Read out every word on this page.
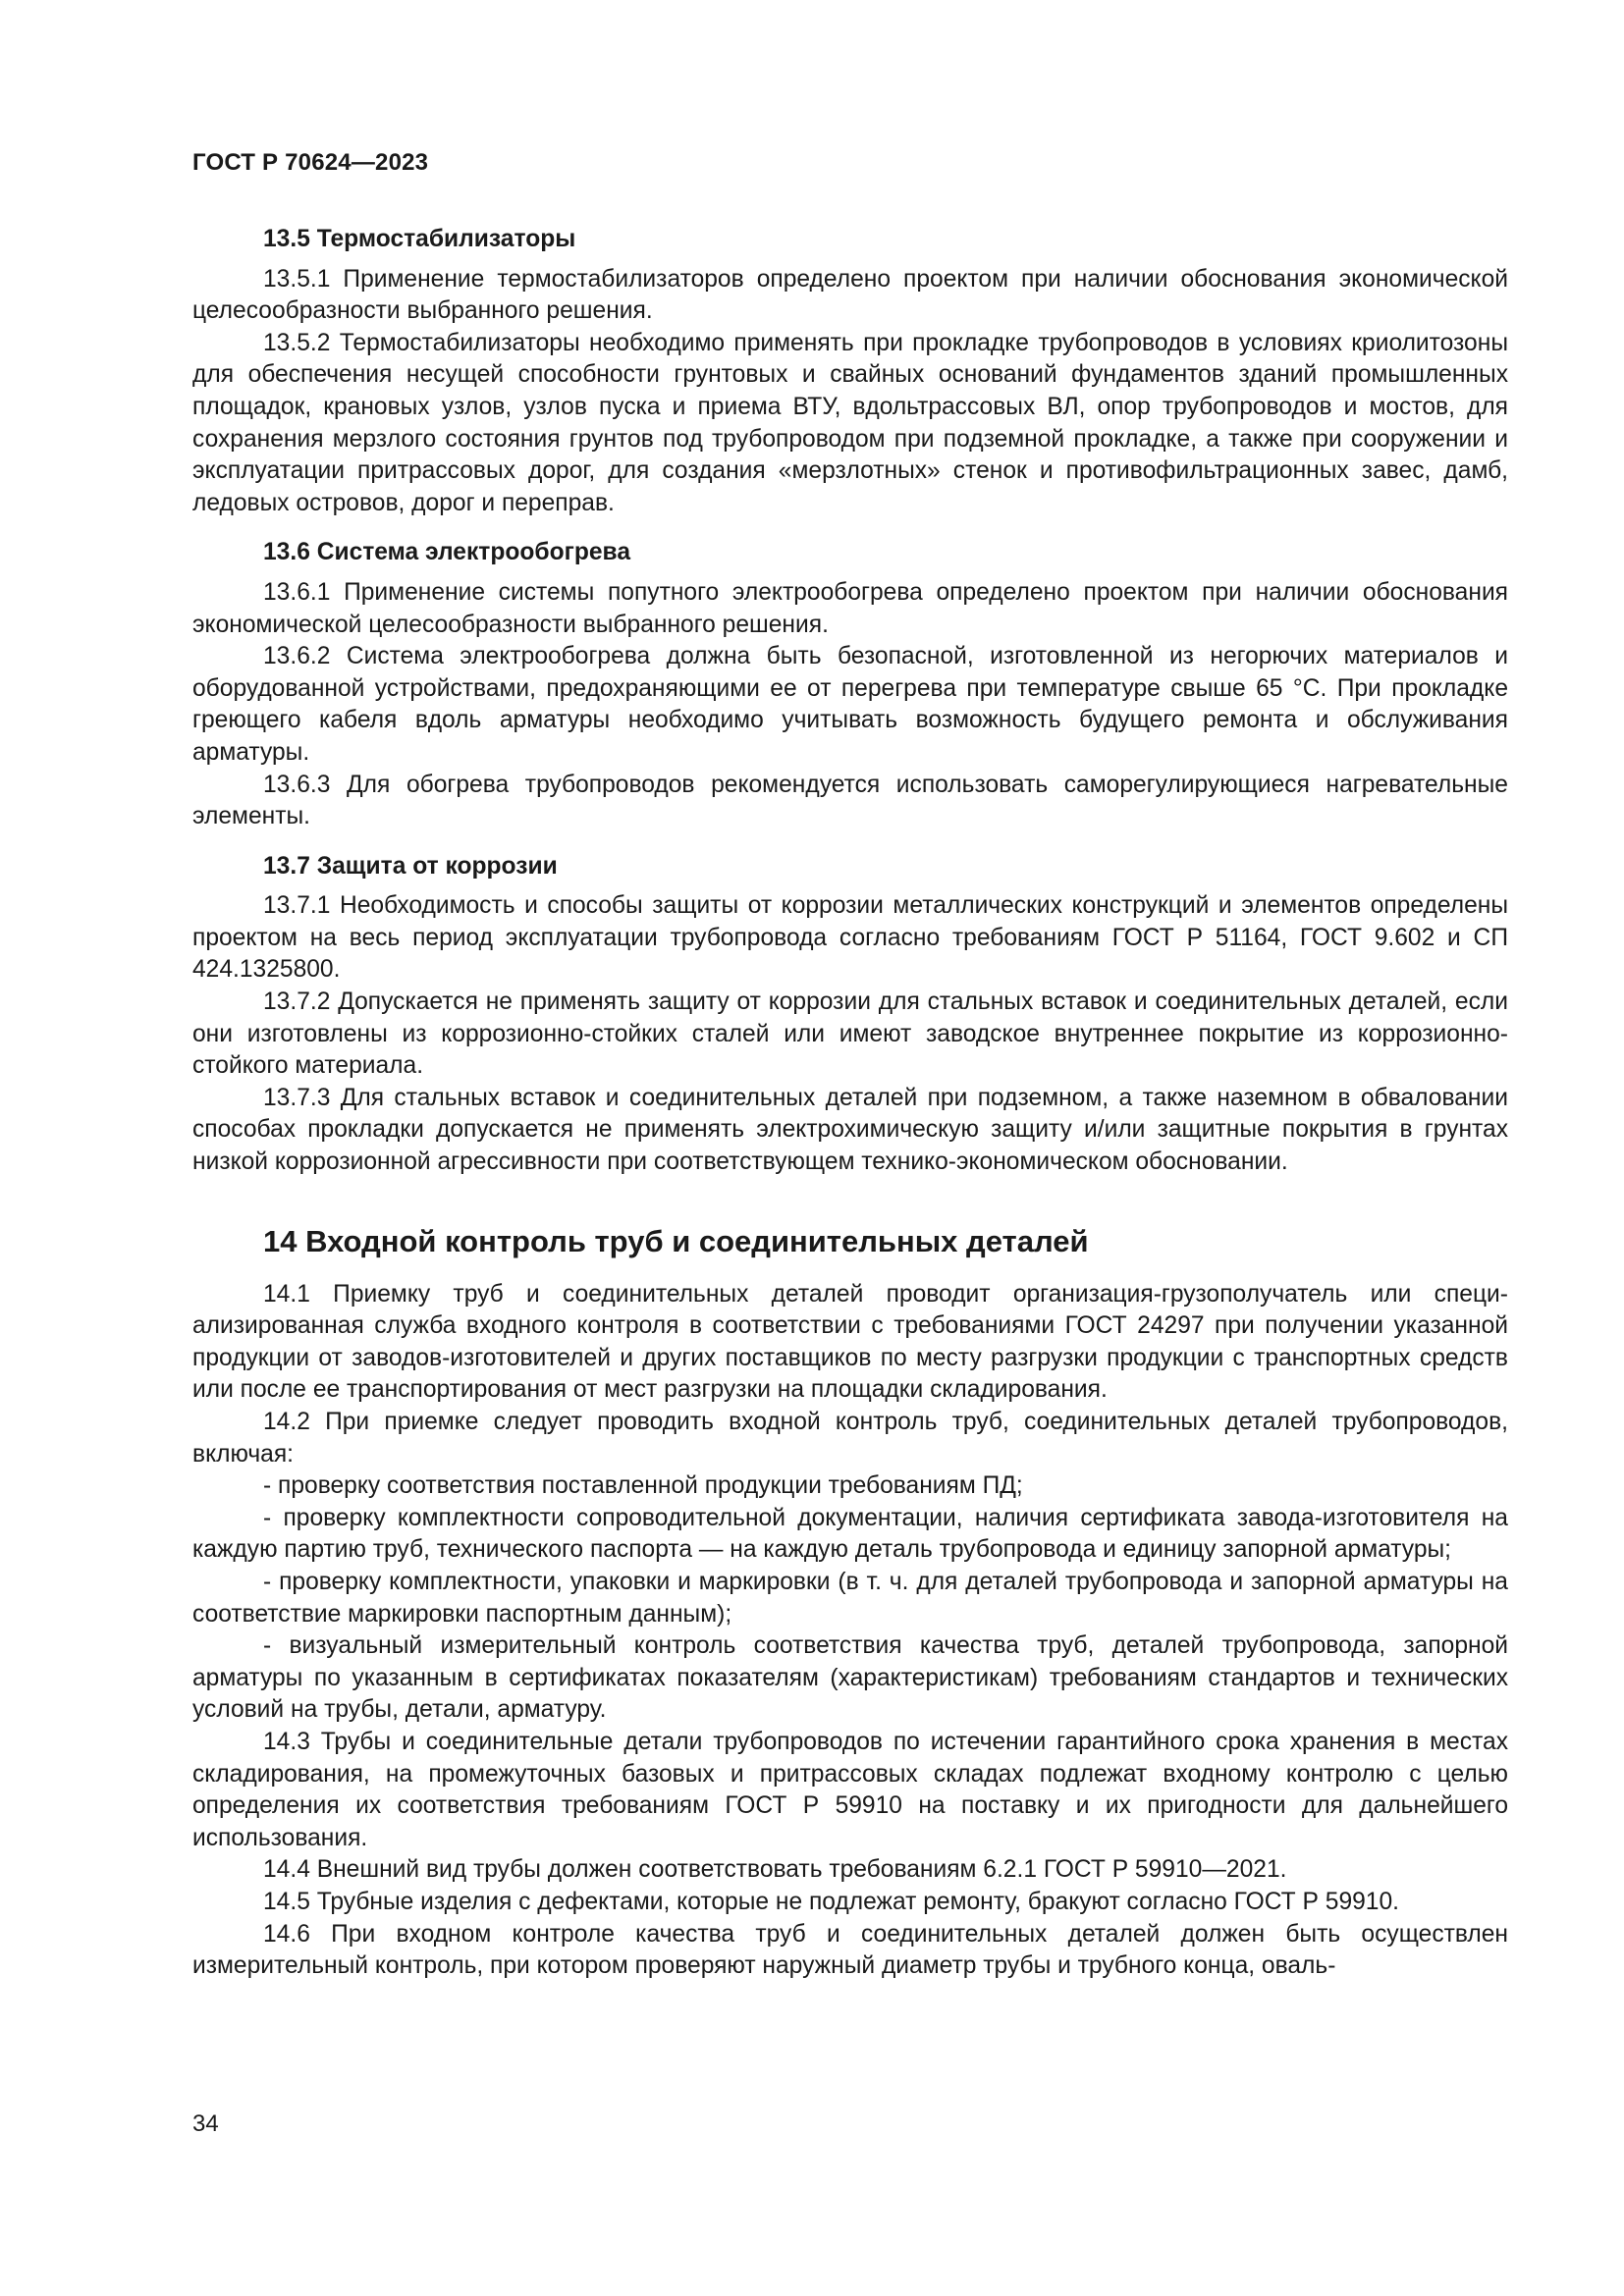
ГОСТ Р 70624—2023
13.5 Термостабилизаторы

13.5.1 Применение термостабилизаторов определено проектом при наличии обоснования экономической целесообразности выбранного решения.

13.5.2 Термостабилизаторы необходимо применять при прокладке трубопроводов в условиях криолитозоны для обеспечения несущей способности грунтовых и свайных оснований фундаментов зданий промышленных площадок, крановых узлов, узлов пуска и приема ВТУ, вдольтрассовых ВЛ, опор трубопроводов и мостов, для сохранения мерзлого состояния грунтов под трубопроводом при подземной прокладке, а также при сооружении и эксплуатации притрассовых дорог, для создания «мерзлотных» стенок и противофильтрационных завес, дамб, ледовых островов, дорог и переправ.

13.6 Система электрообогрева

13.6.1 Применение системы попутного электрообогрева определено проектом при наличии обоснования экономической целесообразности выбранного решения.

13.6.2 Система электрообогрева должна быть безопасной, изготовленной из негорючих материалов и оборудованной устройствами, предохраняющими ее от перегрева при температуре свыше 65 °С. При прокладке греющего кабеля вдоль арматуры необходимо учитывать возможность будущего ремонта и обслуживания арматуры.

13.6.3 Для обогрева трубопроводов рекомендуется использовать саморегулирующиеся нагревательные элементы.

13.7 Защита от коррозии

13.7.1 Необходимость и способы защиты от коррозии металлических конструкций и элементов определены проектом на весь период эксплуатации трубопровода согласно требованиям ГОСТ Р 51164, ГОСТ 9.602 и СП 424.1325800.

13.7.2 Допускается не применять защиту от коррозии для стальных вставок и соединительных деталей, если они изготовлены из коррозионно-стойких сталей или имеют заводское внутреннее покрытие из коррозионно-стойкого материала.

13.7.3 Для стальных вставок и соединительных деталей при подземном, а также наземном в обваловании способах прокладки допускается не применять электрохимическую защиту и/или защитные покрытия в грунтах низкой коррозионной агрессивности при соответствующем технико-экономическом обосновании.

14 Входной контроль труб и соединительных деталей

14.1 Приемку труб и соединительных деталей проводит организация-грузополучатель или специализированная служба входного контроля в соответствии с требованиями ГОСТ 24297 при получении указанной продукции от заводов-изготовителей и других поставщиков по месту разгрузки продукции с транспортных средств или после ее транспортирования от мест разгрузки на площадки складирования.

14.2 При приемке следует проводить входной контроль труб, соединительных деталей трубопроводов, включая:

- проверку соответствия поставленной продукции требованиям ПД;

- проверку комплектности сопроводительной документации, наличия сертификата завода-изготовителя на каждую партию труб, технического паспорта — на каждую деталь трубопровода и единицу запорной арматуры;

- проверку комплектности, упаковки и маркировки (в т. ч. для деталей трубопровода и запорной арматуры на соответствие маркировки паспортным данным);

- визуальный измерительный контроль соответствия качества труб, деталей трубопровода, запорной арматуры по указанным в сертификатах показателям (характеристикам) требованиям стандартов и технических условий на трубы, детали, арматуру.

14.3 Трубы и соединительные детали трубопроводов по истечении гарантийного срока хранения в местах складирования, на промежуточных базовых и притрассовых складах подлежат входному контролю с целью определения их соответствия требованиям ГОСТ Р 59910 на поставку и их пригодности для дальнейшего использования.

14.4 Внешний вид трубы должен соответствовать требованиям 6.2.1 ГОСТ Р 59910—2021.

14.5 Трубные изделия с дефектами, которые не подлежат ремонту, бракуют согласно ГОСТ Р 59910.

14.6 При входном контроле качества труб и соединительных деталей должен быть осуществлен измерительный контроль, при котором проверяют наружный диаметр трубы и трубного конца, оваль-

34
